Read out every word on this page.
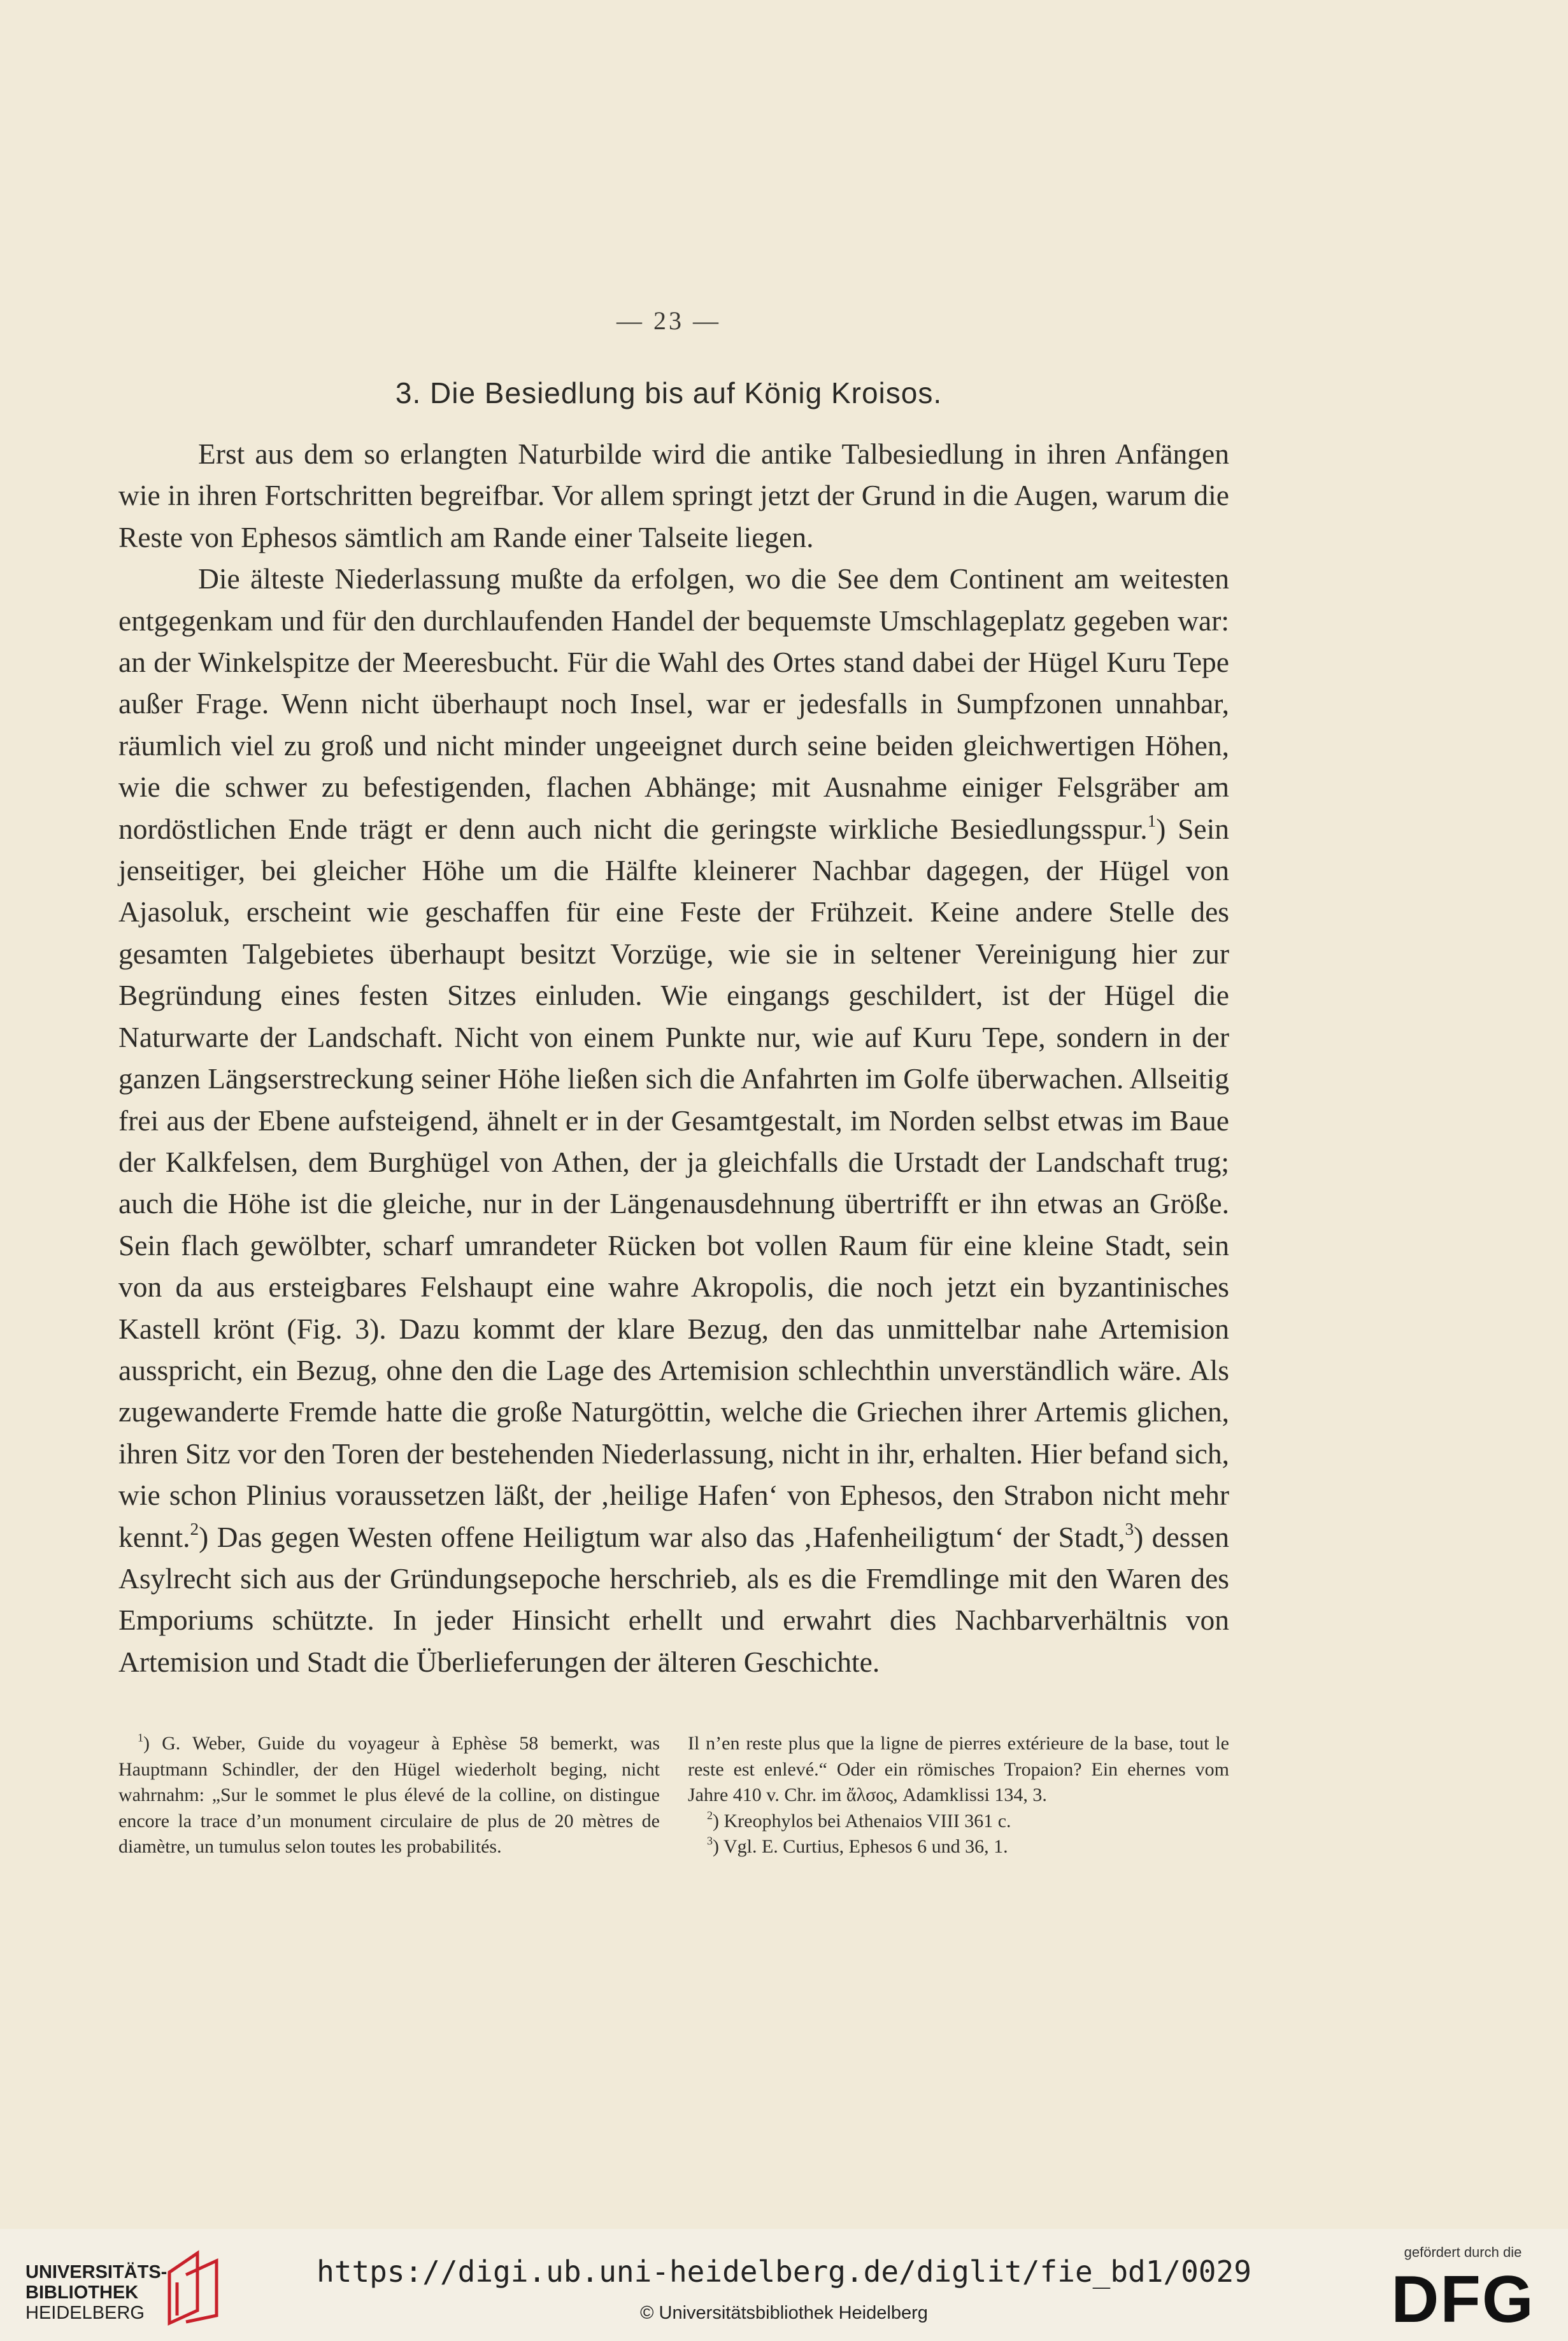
— 23 —
3. Die Besiedlung bis auf König Kroisos.

Erst aus dem so erlangten Naturbilde wird die antike Talbesiedlung in ihren Anfängen wie in ihren Fortschritten begreifbar. Vor allem springt jetzt der Grund in die Augen, warum die Reste von Ephesos sämtlich am Rande einer Talseite liegen.

Die älteste Niederlassung mußte da erfolgen, wo die See dem Continent am weitesten entgegenkam und für den durchlaufenden Handel der bequemste Umschlageplatz gegeben war: an der Winkelspitze der Meeresbucht. Für die Wahl des Ortes stand dabei der Hügel Kuru Tepe außer Frage. Wenn nicht überhaupt noch Insel, war er jedesfalls in Sumpfzonen unnahbar, räumlich viel zu groß und nicht minder ungeeignet durch seine beiden gleichwertigen Höhen, wie die schwer zu befestigenden, flachen Abhänge; mit Ausnahme einiger Felsgräber am nordöstlichen Ende trägt er denn auch nicht die geringste wirkliche Besiedlungsspur.$^1$) Sein jenseitiger, bei gleicher Höhe um die Hälfte kleinerer Nachbar dagegen, der Hügel von Ajasoluk, erscheint wie geschaffen für eine Feste der Frühzeit. Keine andere Stelle des gesamten Talgebietes überhaupt besitzt Vorzüge, wie sie in seltener Vereinigung hier zur Begründung eines festen Sitzes einluden. Wie eingangs geschildert, ist der Hügel die Naturwarte der Landschaft. Nicht von einem Punkte nur, wie auf Kuru Tepe, sondern in der ganzen Längserstreckung seiner Höhe ließen sich die Anfahrten im Golfe überwachen. Allseitig frei aus der Ebene aufsteigend, ähnelt er in der Gesamtgestalt, im Norden selbst etwas im Baue der Kalkfelsen, dem Burghügel von Athen, der ja gleichfalls die Urstadt der Landschaft trug; auch die Höhe ist die gleiche, nur in der Längenausdehnung übertrifft er ihn etwas an Größe. Sein flach gewölbter, scharf umrandeter Rücken bot vollen Raum für eine kleine Stadt, sein von da aus ersteigbares Felshaupt eine wahre Akropolis, die noch jetzt ein byzantinisches Kastell krönt (Fig. 3). Dazu kommt der klare Bezug, den das unmittelbar nahe Artemision ausspricht, ein Bezug, ohne den die Lage des Artemision schlechthin unverständlich wäre. Als zugewanderte Fremde hatte die große Naturgöttin, welche die Griechen ihrer Artemis glichen, ihren Sitz vor den Toren der bestehenden Niederlassung, nicht in ihr, erhalten. Hier befand sich, wie schon Plinius voraussetzen läßt, der ‚heilige Hafen‘ von Ephesos, den Strabon nicht mehr kennt.$^2$) Das gegen Westen offene Heiligtum war also das ‚Hafenheiligtum‘ der Stadt,$^3$) dessen Asylrecht sich aus der Gründungsepoche herschrieb, als es die Fremdlinge mit den Waren des Emporiums schützte. In jeder Hinsicht erhellt und erwahrt dies Nachbarverhältnis von Artemision und Stadt die Überlieferungen der älteren Geschichte.

$^1$) G. Weber, Guide du voyageur à Ephèse 58 bemerkt, was Hauptmann Schindler, der den Hügel wiederholt beging, nicht wahrnahm: „Sur le sommet le plus élevé de la colline, on distingue encore la trace d’un monument circulaire de plus de 20 mètres de diamètre, un tumulus selon toutes les probabilités.

Il n’en reste plus que la ligne de pierres extérieure de la base, tout le reste est enlevé.“ Oder ein römisches Tropaion? Ein ehernes vom Jahre 410 v. Chr. im ἄλσος, Adamklissi 134, 3.

$^2$) Kreophylos bei Athenaios VIII 361 c.

$^3$) Vgl. E. Curtius, Ephesos 6 und 36, 1.

UNIVERSITÄTS-
BIBLIOTHEK
HEIDELBERG
https://digi.ub.uni-heidelberg.de/diglit/fie_bd1/0029
© Universitätsbibliothek Heidelberg
gefördert durch die
DFG
